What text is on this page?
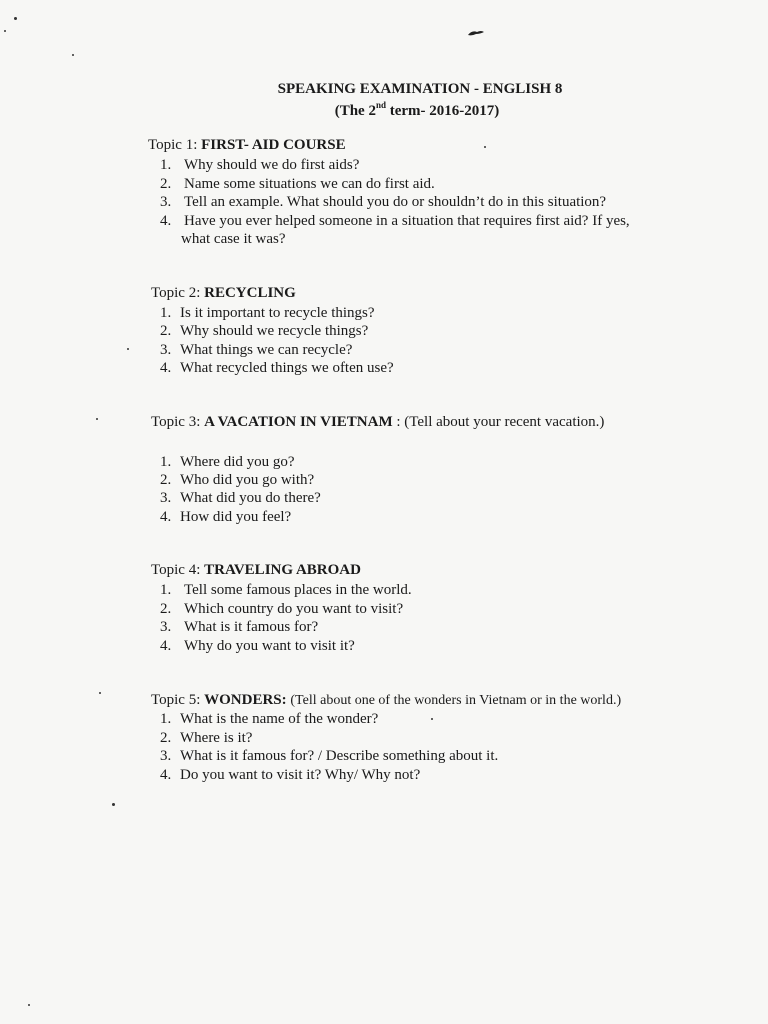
SPEAKING EXAMINATION - ENGLISH 8
(The 2nd term- 2016-2017)
Topic 1: FIRST- AID COURSE
1. Why should we do first aids?
2. Name some situations we can do first aid.
3. Tell an example. What should you do or shouldn’t do in this situation?
4. Have you ever helped someone in a situation that requires first aid? If yes,
what case it was?
Topic 2: RECYCLING
1. Is it important to recycle things?
2. Why should we recycle things?
3. What things we can recycle?
4. What recycled things we often use?
Topic 3: A VACATION IN VIETNAM : (Tell about your recent vacation.)
1. Where did you go?
2. Who did you go with?
3. What did you do there?
4. How did you feel?
Topic 4: TRAVELING ABROAD
1. Tell some famous places in the world.
2. Which country do you want to visit?
3. What is it famous for?
4. Why do you want to visit it?
Topic 5: WONDERS: (Tell about one of the wonders in Vietnam or in the world.)
1. What is the name of the wonder?
2. Where is it?
3. What is it famous for? / Describe something about it.
4. Do you want to visit it? Why/ Why not?
